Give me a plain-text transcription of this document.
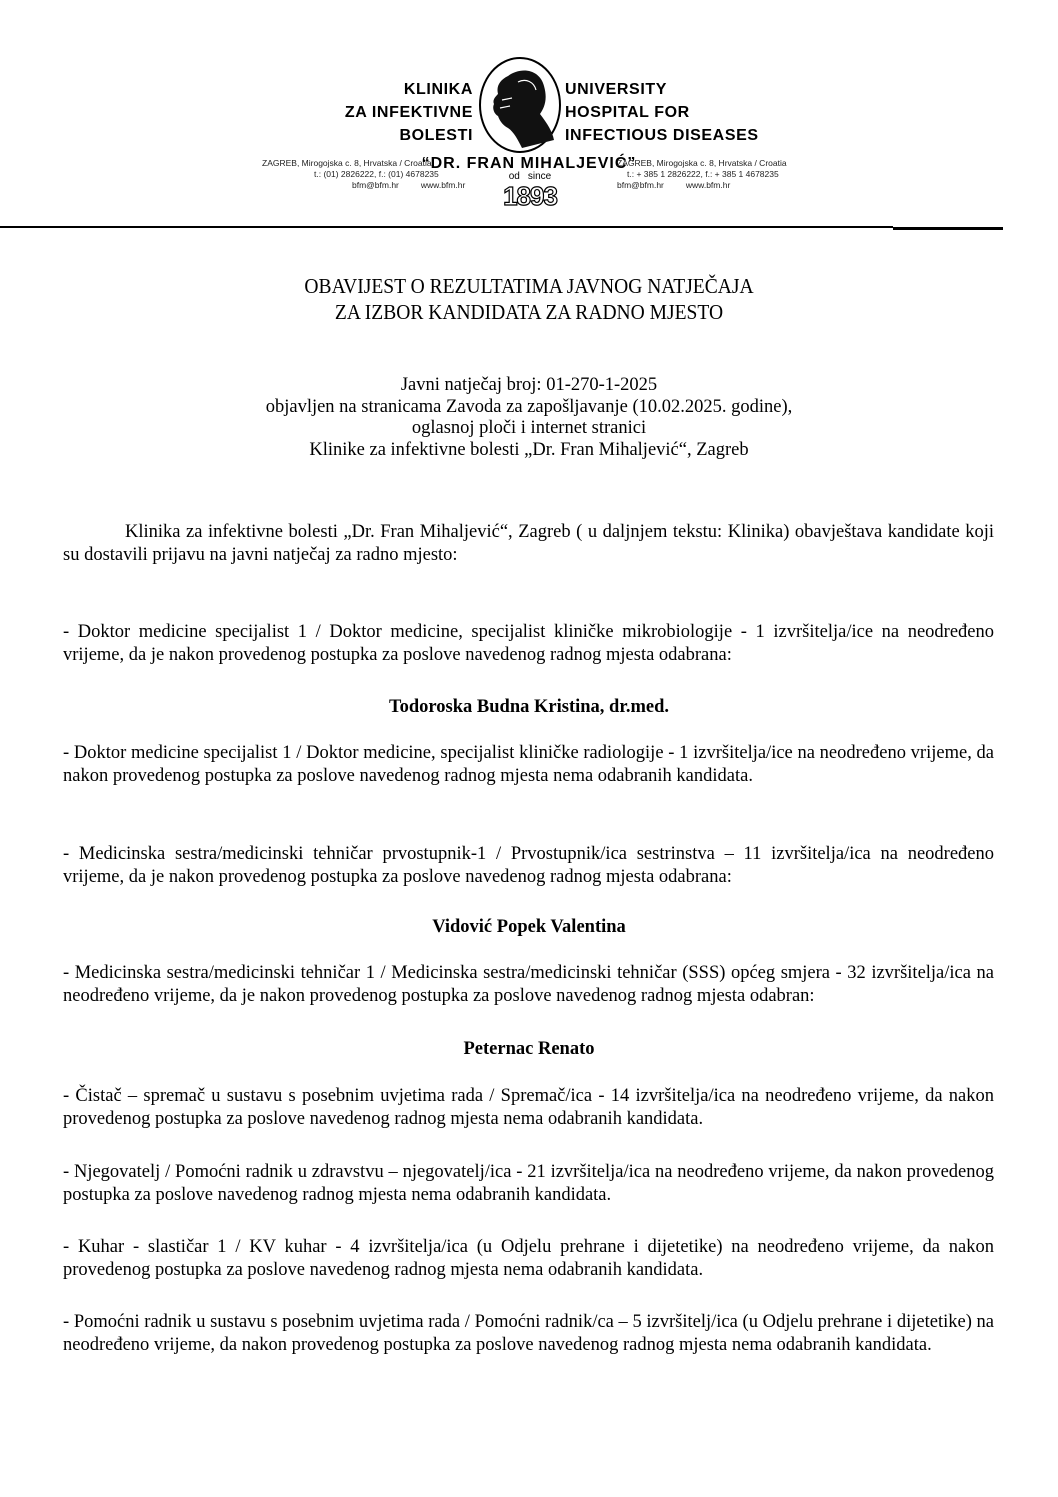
KLINIKA
ZA INFEKTIVNE
BOLESTI
UNIVERSITY
HOSPITAL FOR
INFECTIOUS DISEASES
ZAGREB, Mirogojska c. 8, Hrvatska / Croatia
t.: (01) 2826222, f.: (01) 4678235
bfm@bfm.hr	www.bfm.hr
“DR. FRAN MIHALJEVIĆ”
ZAGREB, Mirogojska c. 8, Hrvatska / Croatia
t.: + 385 1 2826222, f.: + 385 1 4678235
bfm@bfm.hr	www.bfm.hr
od since
1893
OBAVIJEST O REZULTATIMA JAVNOG NATJEČAJA
ZA IZBOR KANDIDATA ZA RADNO MJESTO
Javni natječaj broj: 01-270-1-2025
objavljen na stranicama Zavoda za zapošljavanje (10.02.2025. godine),
oglasnoj ploči i internet stranici
Klinike za infektivne bolesti „Dr. Fran Mihaljević“, Zagreb
Klinika za infektivne bolesti „Dr. Fran Mihaljević“, Zagreb ( u daljnjem tekstu: Klinika) obavještava kandidate koji su dostavili prijavu na javni natječaj za radno mjesto:
- Doktor medicine specijalist 1 / Doktor medicine, specijalist kliničke mikrobiologije - 1 izvršitelja/ice na neodređeno vrijeme, da je nakon provedenog postupka za poslove navedenog radnog mjesta odabrana:
Todoroska Budna Kristina, dr.med.
- Doktor medicine specijalist 1 / Doktor medicine, specijalist kliničke radiologije - 1 izvršitelja/ice na neodređeno vrijeme, da nakon provedenog postupka za poslove navedenog radnog mjesta nema odabranih kandidata.
- Medicinska sestra/medicinski tehničar prvostupnik-1 / Prvostupnik/ica sestrinstva – 11 izvršitelja/ica na neodređeno vrijeme, da je nakon provedenog postupka za poslove navedenog radnog mjesta odabrana:
Vidović Popek Valentina
- Medicinska sestra/medicinski tehničar 1 / Medicinska sestra/medicinski tehničar (SSS) općeg smjera - 32 izvršitelja/ica na neodređeno vrijeme, da je nakon provedenog postupka za poslove navedenog radnog mjesta odabran:
Peternac Renato
- Čistač – spremač u sustavu s posebnim uvjetima rada / Spremač/ica - 14 izvršitelja/ica na neodređeno vrijeme, da nakon provedenog postupka za poslove navedenog radnog mjesta nema odabranih kandidata.
- Njegovatelj / Pomoćni radnik u zdravstvu – njegovatelj/ica - 21 izvršitelja/ica na neodređeno vrijeme, da nakon provedenog postupka za poslove navedenog radnog mjesta nema odabranih kandidata.
- Kuhar - slastičar 1 / KV kuhar - 4 izvršitelja/ica (u Odjelu prehrane i dijetetike) na neodređeno vrijeme, da nakon provedenog postupka za poslove navedenog radnog mjesta nema odabranih kandidata.
- Pomoćni radnik u sustavu s posebnim uvjetima rada / Pomoćni radnik/ca – 5 izvršitelj/ica (u Odjelu prehrane i dijetetike) na neodređeno vrijeme, da nakon provedenog postupka za poslove navedenog radnog mjesta nema odabranih kandidata.
